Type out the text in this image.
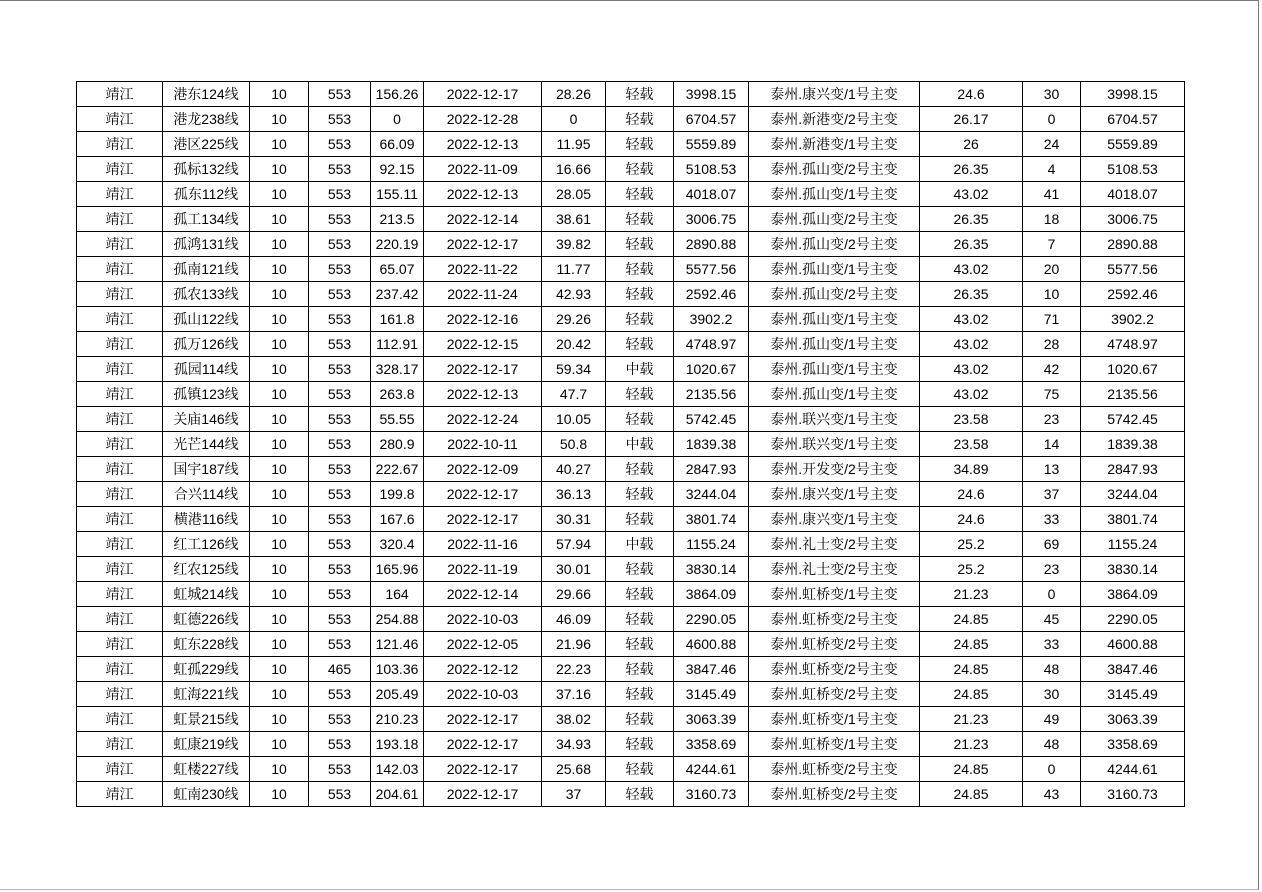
靖江	港东124线	10	553	156.26	2022-12-17	28.26	轻载	3998.15	泰州.康兴变/1号主变	24.6	30	3998.15
靖江	港龙238线	10	553	0	2022-12-28	0	轻载	6704.57	泰州.新港变/2号主变	26.17	0	6704.57
靖江	港区225线	10	553	66.09	2022-12-13	11.95	轻载	5559.89	泰州.新港变/1号主变	26	24	5559.89
靖江	孤标132线	10	553	92.15	2022-11-09	16.66	轻载	5108.53	泰州.孤山变/2号主变	26.35	4	5108.53
靖江	孤东112线	10	553	155.11	2022-12-13	28.05	轻载	4018.07	泰州.孤山变/1号主变	43.02	41	4018.07
靖江	孤工134线	10	553	213.5	2022-12-14	38.61	轻载	3006.75	泰州.孤山变/2号主变	26.35	18	3006.75
靖江	孤鸿131线	10	553	220.19	2022-12-17	39.82	轻载	2890.88	泰州.孤山变/2号主变	26.35	7	2890.88
靖江	孤南121线	10	553	65.07	2022-11-22	11.77	轻载	5577.56	泰州.孤山变/1号主变	43.02	20	5577.56
靖江	孤农133线	10	553	237.42	2022-11-24	42.93	轻载	2592.46	泰州.孤山变/2号主变	26.35	10	2592.46
靖江	孤山122线	10	553	161.8	2022-12-16	29.26	轻载	3902.2	泰州.孤山变/1号主变	43.02	71	3902.2
靖江	孤万126线	10	553	112.91	2022-12-15	20.42	轻载	4748.97	泰州.孤山变/1号主变	43.02	28	4748.97
靖江	孤园114线	10	553	328.17	2022-12-17	59.34	中载	1020.67	泰州.孤山变/1号主变	43.02	42	1020.67
靖江	孤镇123线	10	553	263.8	2022-12-13	47.7	轻载	2135.56	泰州.孤山变/1号主变	43.02	75	2135.56
靖江	关庙146线	10	553	55.55	2022-12-24	10.05	轻载	5742.45	泰州.联兴变/1号主变	23.58	23	5742.45
靖江	光芒144线	10	553	280.9	2022-10-11	50.8	中载	1839.38	泰州.联兴变/1号主变	23.58	14	1839.38
靖江	国宇187线	10	553	222.67	2022-12-09	40.27	轻载	2847.93	泰州.开发变/2号主变	34.89	13	2847.93
靖江	合兴114线	10	553	199.8	2022-12-17	36.13	轻载	3244.04	泰州.康兴变/1号主变	24.6	37	3244.04
靖江	横港116线	10	553	167.6	2022-12-17	30.31	轻载	3801.74	泰州.康兴变/1号主变	24.6	33	3801.74
靖江	红工126线	10	553	320.4	2022-11-16	57.94	中载	1155.24	泰州.礼士变/2号主变	25.2	69	1155.24
靖江	红农125线	10	553	165.96	2022-11-19	30.01	轻载	3830.14	泰州.礼士变/2号主变	25.2	23	3830.14
靖江	虹城214线	10	553	164	2022-12-14	29.66	轻载	3864.09	泰州.虹桥变/1号主变	21.23	0	3864.09
靖江	虹德226线	10	553	254.88	2022-10-03	46.09	轻载	2290.05	泰州.虹桥变/2号主变	24.85	45	2290.05
靖江	虹东228线	10	553	121.46	2022-12-05	21.96	轻载	4600.88	泰州.虹桥变/2号主变	24.85	33	4600.88
靖江	虹孤229线	10	465	103.36	2022-12-12	22.23	轻载	3847.46	泰州.虹桥变/2号主变	24.85	48	3847.46
靖江	虹海221线	10	553	205.49	2022-10-03	37.16	轻载	3145.49	泰州.虹桥变/2号主变	24.85	30	3145.49
靖江	虹景215线	10	553	210.23	2022-12-17	38.02	轻载	3063.39	泰州.虹桥变/1号主变	21.23	49	3063.39
靖江	虹康219线	10	553	193.18	2022-12-17	34.93	轻载	3358.69	泰州.虹桥变/1号主变	21.23	48	3358.69
靖江	虹楼227线	10	553	142.03	2022-12-17	25.68	轻载	4244.61	泰州.虹桥变/2号主变	24.85	0	4244.61
靖江	虹南230线	10	553	204.61	2022-12-17	37	轻载	3160.73	泰州.虹桥变/2号主变	24.85	43	3160.73
